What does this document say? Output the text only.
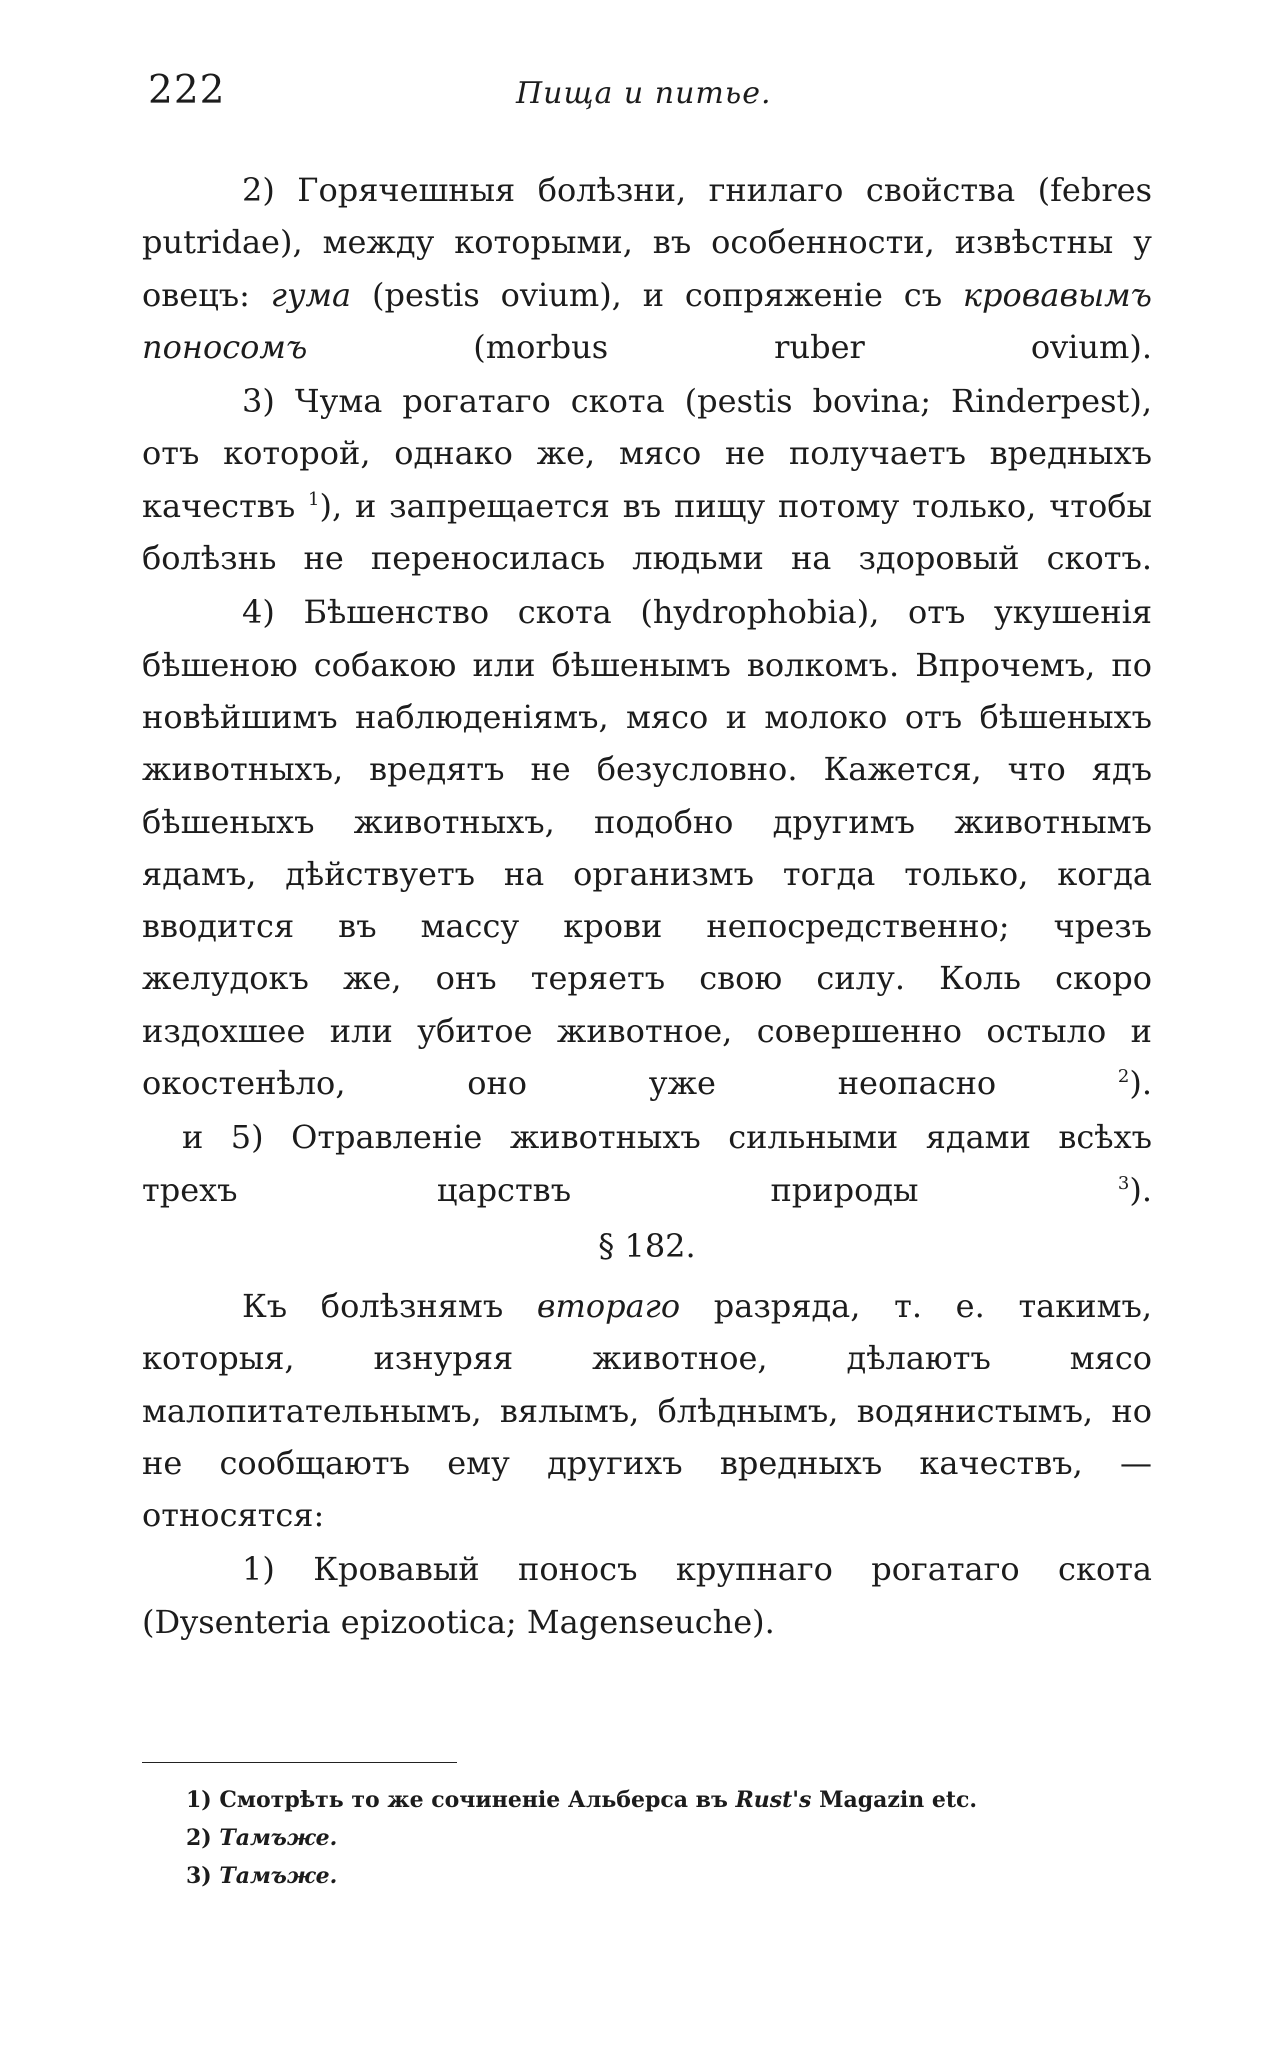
222	Пища и питье.

2) Горячешныя болѣзни, гнилаго свойства (febres putridae), между которыми, въ особенности, извѣстны у овецъ: гума (pestis ovium), и сопряженіе съ кровавымъ поносомъ (morbus ruber ovium).

3) Чума рогатаго скота (pestis bovina; Rinderpest), отъ которой, однако же, мясо не получаетъ вредныхъ качествъ $^1$), и запрещается въ пищу потому только, чтобы болѣзнь не переносилась людьми на здоровый скотъ.

4) Бѣшенство скота (hydrophobia), отъ укушенія бѣшеною собакою или бѣшенымъ волкомъ. Впрочемъ, по новѣйшимъ наблюденіямъ, мясо и молоко отъ бѣшеныхъ животныхъ, вредятъ не безусловно. Кажется, что ядъ бѣшеныхъ животныхъ, подобно другимъ животнымъ ядамъ, дѣйствуетъ на организмъ тогда только, когда вводится въ массу крови непосредственно; чрезъ желудокъ же, онъ теряетъ свою силу. Коль скоро издохшее или убитое животное, совершенно остыло и окостенѣло, оно уже неопасно $^2$).

и 5) Отравленіе животныхъ сильными ядами всѣхъ трехъ царствъ природы $^3$).

§ 182.

Къ болѣзнямъ втораго разряда, т. е. такимъ, которыя, изнуряя животное, дѣлаютъ мясо малопитательнымъ, вялымъ, блѣднымъ, водянистымъ, но не сообщаютъ ему другихъ вредныхъ качествъ, — относятся:

1) Кровавый поносъ крупнаго рогатаго скота (Dysenteria epizootica; Magenseuche).

1) Смотрѣть то же сочиненіе Альберса въ Rust's Magazin etc.
2) Тамъже.
3) Тамъже.
